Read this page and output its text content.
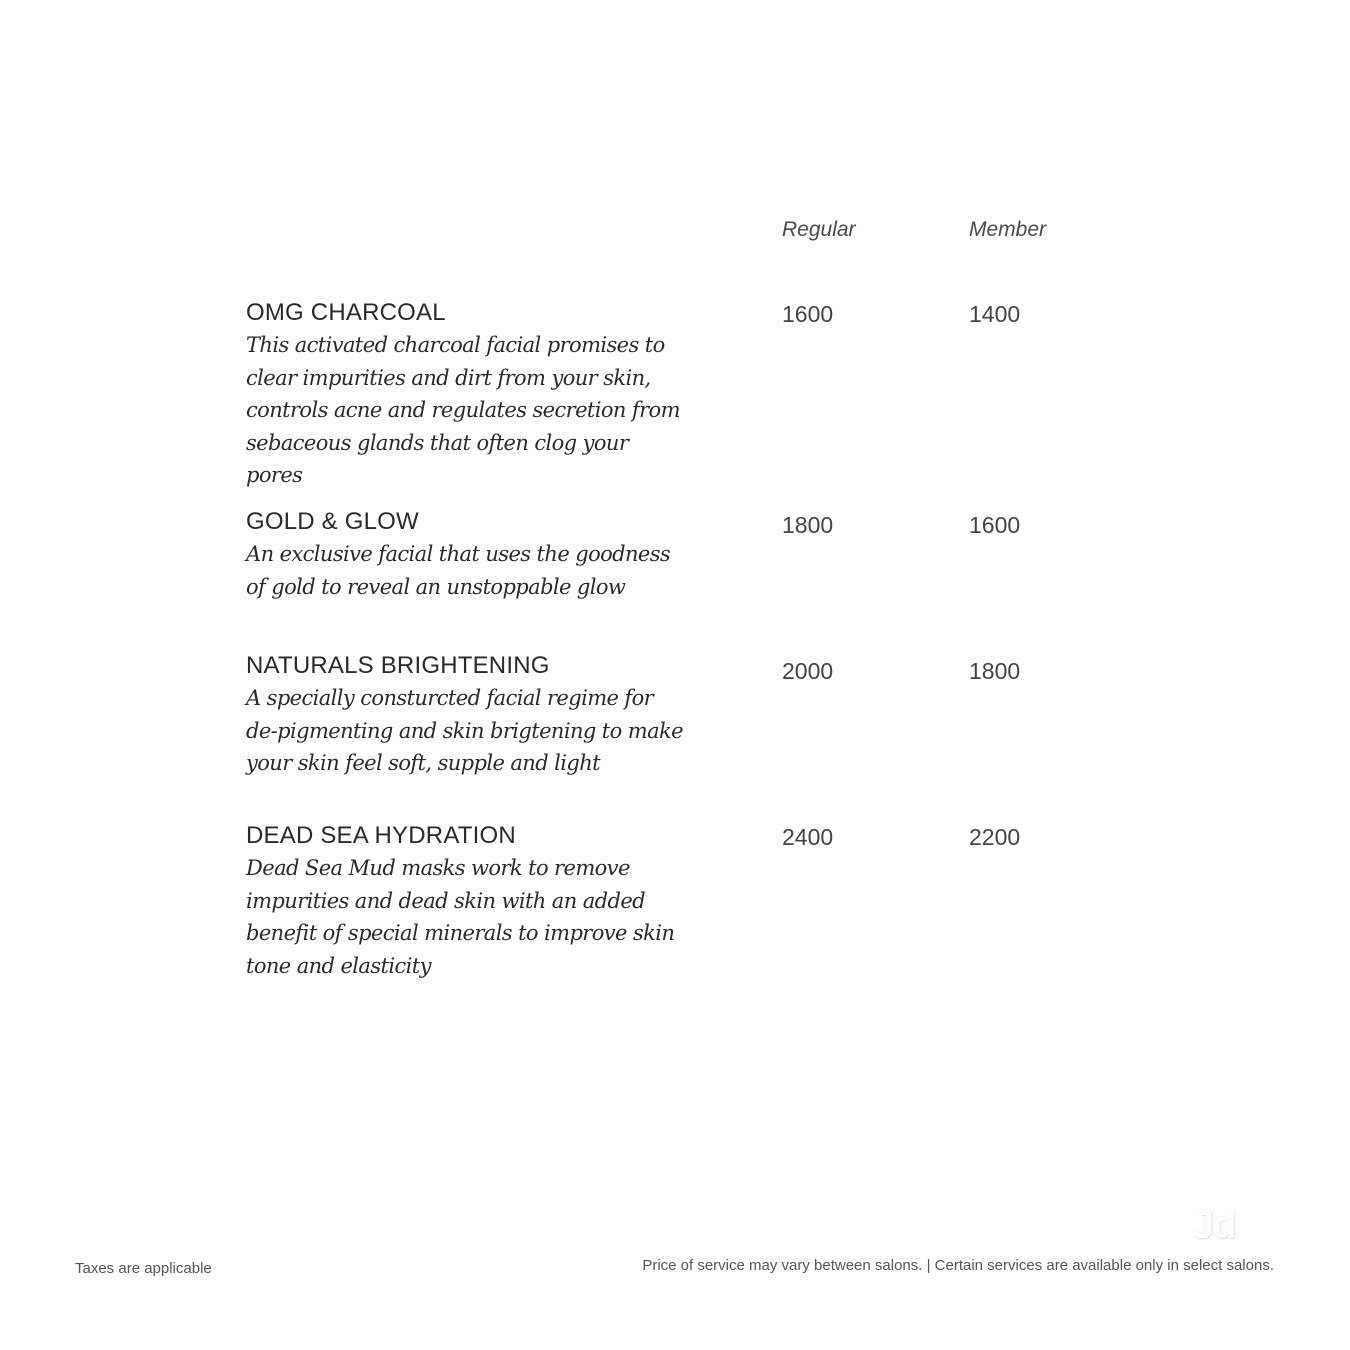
Regular	Member
OMG CHARCOAL
This activated charcoal facial promises to clear impurities and dirt from your skin, controls acne and regulates secretion from sebaceous glands that often clog your pores
1600	1400
GOLD & GLOW
An exclusive facial that uses the goodness of gold to reveal an unstoppable glow
1800	1600
NATURALS BRIGHTENING
A specially consturcted facial regime for de-pigmenting and skin brigtening to make your skin feel soft, supple and light
2000	1800
DEAD SEA HYDRATION
Dead Sea Mud masks work to remove impurities and dead skin with an added benefit of special minerals to improve skin tone and elasticity
2400	2200
Jd
Taxes are applicable	Price of service may vary between salons. | Certain services are available only in select salons.
